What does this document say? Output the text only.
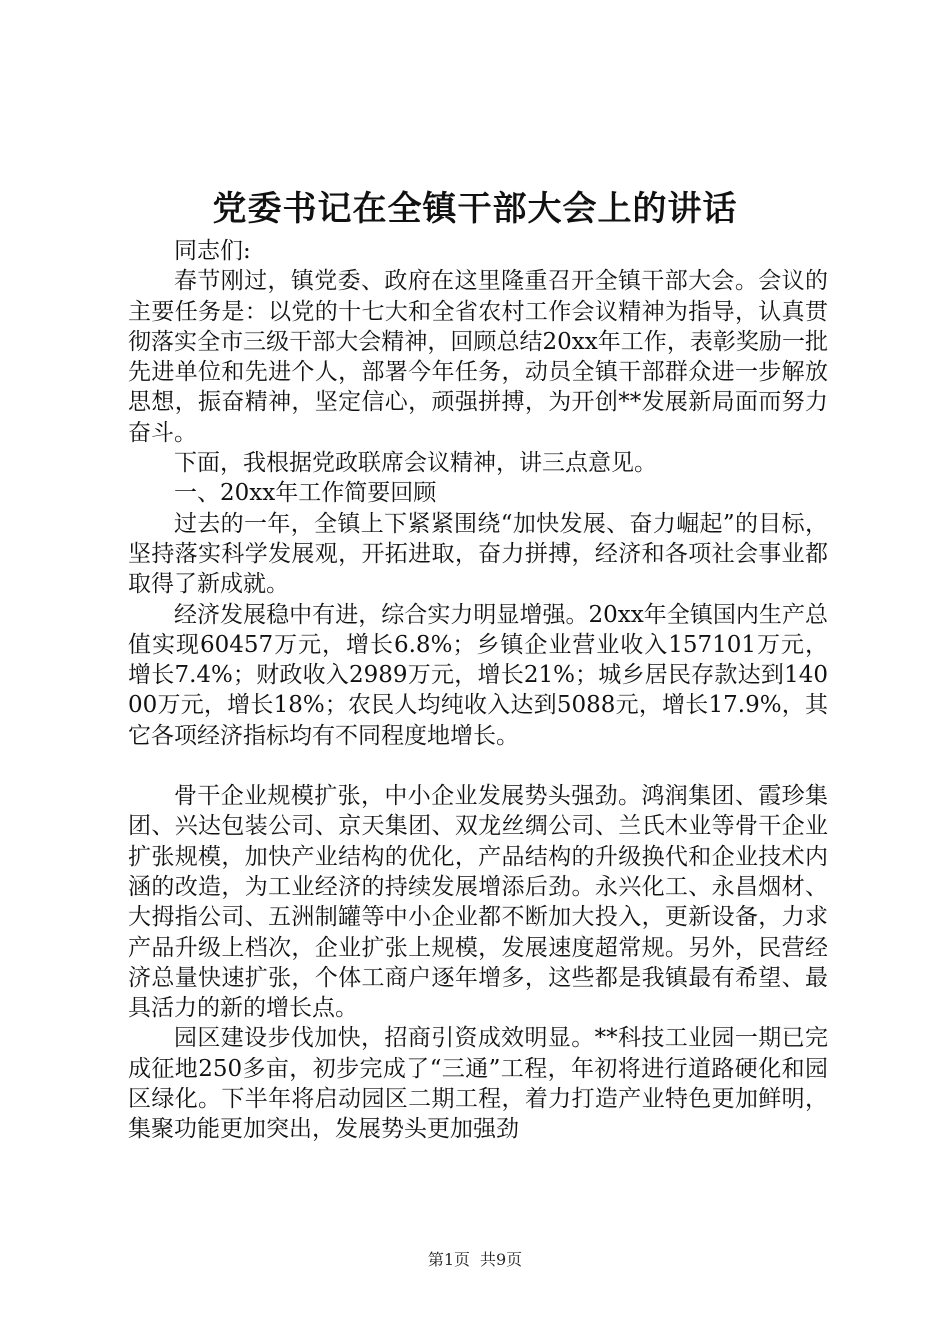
党委书记在全镇干部大会上的讲话

同志们:

春节刚过，镇党委、政府在这里隆重召开全镇干部大会。会议的主要任务是：以党的十七大和全省农村工作会议精神为指导，认真贯彻落实全市三级干部大会精神，回顾总结20xx年工作，表彰奖励一批先进单位和先进个人，部署今年任务，动员全镇干部群众进一步解放思想，振奋精神，坚定信心，顽强拼搏，为开创**发展新局面而努力奋斗。

下面，我根据党政联席会议精神，讲三点意见。

一、20xx年工作简要回顾

过去的一年，全镇上下紧紧围绕“加快发展、奋力崛起”的目标，坚持落实科学发展观，开拓进取，奋力拼搏，经济和各项社会事业都取得了新成就。

经济发展稳中有进，综合实力明显增强。20xx年全镇国内生产总值实现60457万元，增长6.8%；乡镇企业营业收入157101万元，增长7.4%；财政收入2989万元，增长21%；城乡居民存款达到14000万元，增长18%；农民人均纯收入达到5088元，增长17.9%，其它各项经济指标均有不同程度地增长。

骨干企业规模扩张，中小企业发展势头强劲。鸿润集团、霞珍集团、兴达包装公司、京天集团、双龙丝绸公司、兰氏木业等骨干企业扩张规模，加快产业结构的优化，产品结构的升级换代和企业技术内涵的改造，为工业经济的持续发展增添后劲。永兴化工、永昌烟材、大拇指公司、五洲制罐等中小企业都不断加大投入，更新设备，力求产品升级上档次，企业扩张上规模，发展速度超常规。另外，民营经济总量快速扩张，个体工商户逐年增多，这些都是我镇最有希望、最具活力的新的增长点。

园区建设步伐加快，招商引资成效明显。**科技工业园一期已完成征地250多亩，初步完成了“三通”工程，年初将进行道路硬化和园区绿化。下半年将启动园区二期工程，着力打造产业特色更加鲜明，集聚功能更加突出，发展势头更加强劲

第1页 共9页
